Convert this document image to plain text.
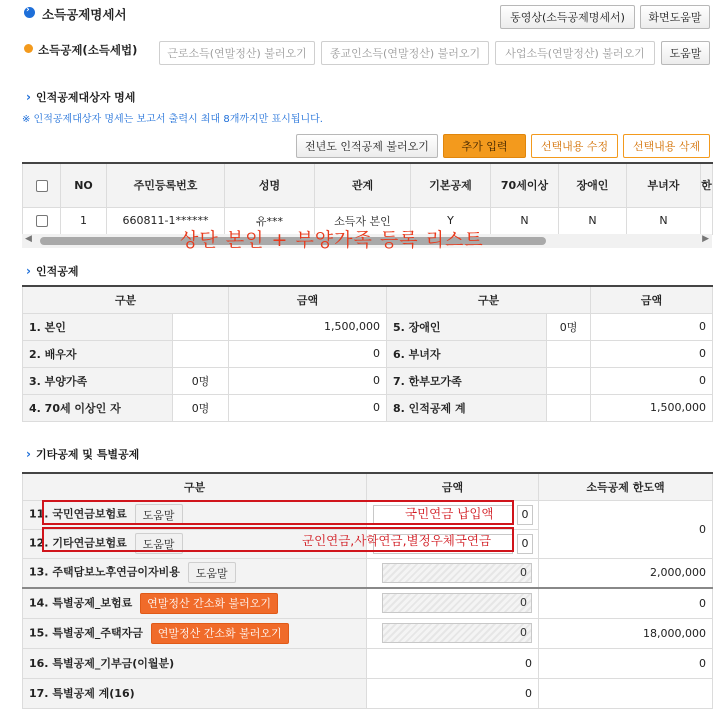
› 소득공제명세서	동영상(소득공제명세서)	화면도움말
소득공제(소득세법)	근로소득(연말정산) 불러오기	종교인소득(연말정산) 불러오기	사업소득(연말정산) 불러오기	도움말
› 인적공제대상자 명세
※ 인적공제대상자 명세는 보고서 출력시 최대 8개까지만 표시됩니다.
전년도 인적공제 불러오기	추가 입력	선택내용 수정	선택내용 삭제
	NO	주민등록번호	성명	관계	기본공제	70세이상	장애인	부녀자	한
	1	660811-1******	유***	소득자 본인	Y	N	N	N	
◀	▶
상단 본인 + 부양가족 등록 리스트
› 인적공제
구분		금액	구분		금액
1. 본인		1,500,000	5. 장애인	0명	0
2. 배우자		0	6. 부녀자		0
3. 부양가족	0명	0	7. 한부모가족		0
4. 70세 이상인 자	0명	0	8. 인적공제 계		1,500,000
› 기타공제 및 특별공제
구분	금액	소득공제 한도액
11. 국민연금보험료 도움말	0	0
12. 기타연금보험료 도움말	0	
13. 주택담보노후연금이자비용 도움말	0	2,000,000
14. 특별공제_보험료 연말정산 간소화 불러오기	0	0
15. 특별공제_주택자금 연말정산 간소화 불러오기	0	18,000,000
16. 특별공제_기부금(이월분)	0	0
17. 특별공제 계(16)	0	
국민연금 납입액
군인연금,사학연금,별정우체국연금
